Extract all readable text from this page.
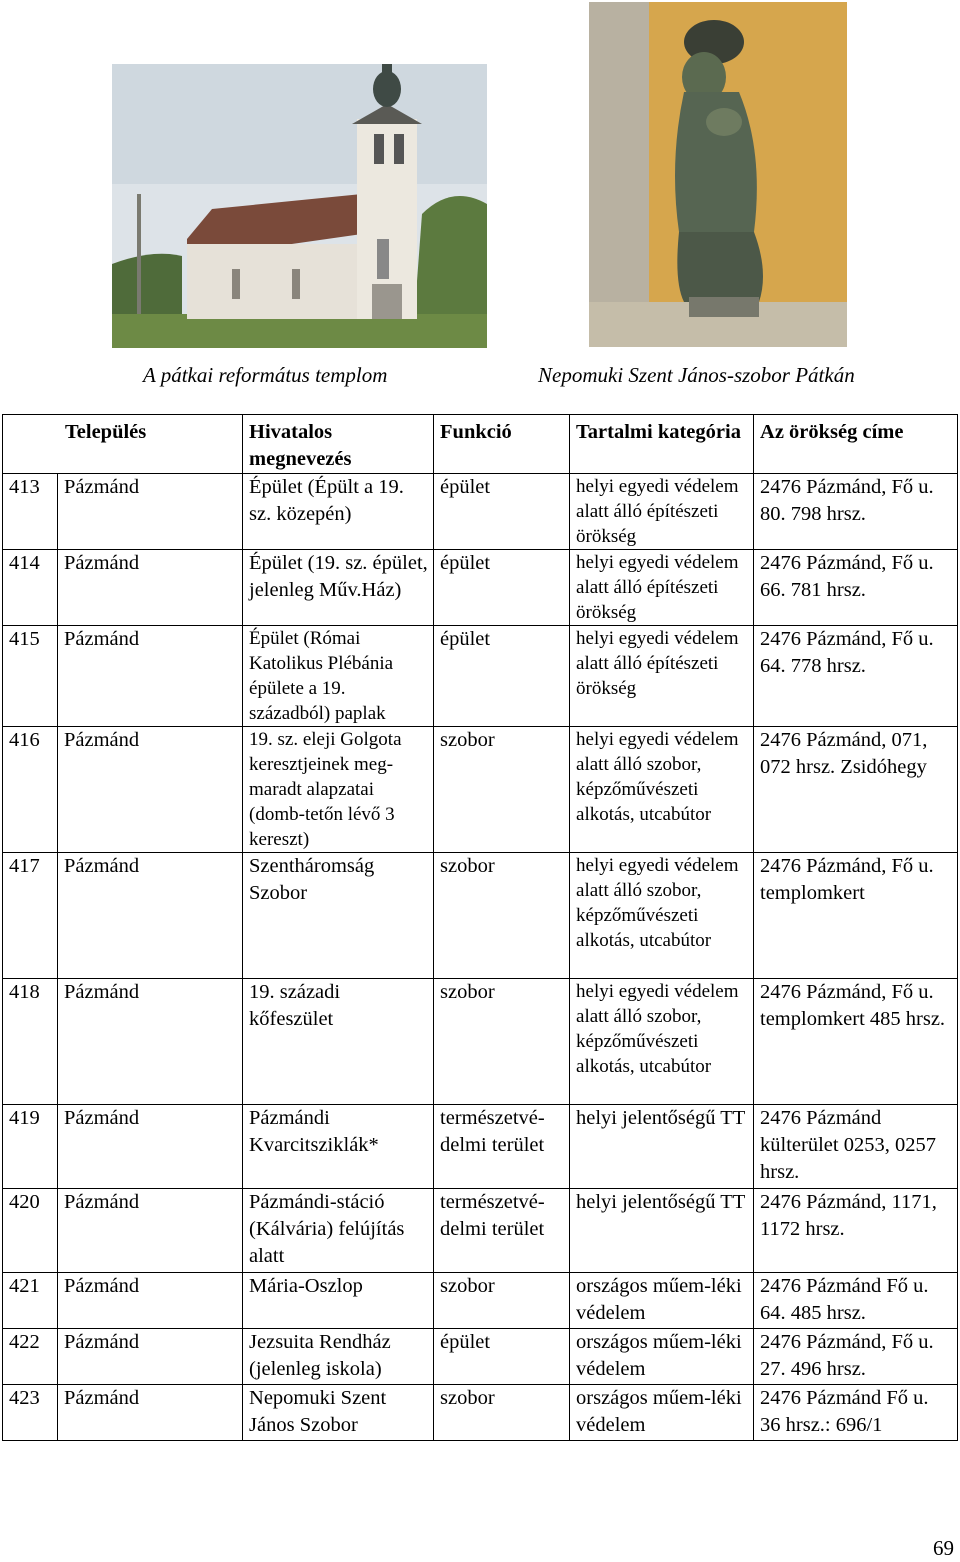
A pátkai református templom	Nepomuki Szent János-szobor Pátkán
Település		Hivatalos megnevezés	Funkció	Tartalmi kategória	Az örökség címe
413	Pázmánd	Épület (Épült a 19. sz. közepén)	épület	helyi egyedi védelem alatt álló építészeti örökség	2476 Pázmánd, Fő u. 80. 798 hrsz.
414	Pázmánd	Épület (19. sz. épület, jelenleg Műv.Ház)	épület	helyi egyedi védelem alatt álló építészeti örökség	2476 Pázmánd, Fő u. 66. 781 hrsz.
415	Pázmánd	Épület (Római Katolikus Plébánia épülete a 19. századból) paplak	épület	helyi egyedi védelem alatt álló építészeti örökség	2476 Pázmánd, Fő u. 64. 778 hrsz.
416	Pázmánd	19. sz. eleji Golgota keresztjeinek meg-maradt alapzatai (domb-tetőn lévő 3 kereszt)	szobor	helyi egyedi védelem alatt álló szobor, képzőművészeti alkotás, utcabútor	2476 Pázmánd, 071, 072 hrsz. Zsidóhegy
417	Pázmánd	Szentháromság Szobor	szobor	helyi egyedi védelem alatt álló szobor, képzőművészeti alkotás, utcabútor	2476 Pázmánd, Fő u. templomkert
418	Pázmánd	19. századi kőfeszület	szobor	helyi egyedi védelem alatt álló szobor, képzőművészeti alkotás, utcabútor	2476 Pázmánd, Fő u. templomkert 485 hrsz.
419	Pázmánd	Pázmándi Kvarcitsziklák*	természetvé-delmi terület	helyi jelentőségű TT	2476 Pázmánd külterület 0253, 0257 hrsz.
420	Pázmánd	Pázmándi-stáció (Kálvária) felújítás alatt	természetvé-delmi terület	helyi jelentőségű TT	2476 Pázmánd, 1171, 1172 hrsz.
421	Pázmánd	Mária-Oszlop	szobor	országos műem-léki védelem	2476 Pázmánd Fő u. 64. 485 hrsz.
422	Pázmánd	Jezsuita Rendház (jelenleg iskola)	épület	országos műem-léki védelem	2476 Pázmánd, Fő u. 27. 496 hrsz.
423	Pázmánd	Nepomuki Szent János Szobor	szobor	országos műem-léki védelem	2476 Pázmánd Fő u. 36 hrsz.: 696/1
69
